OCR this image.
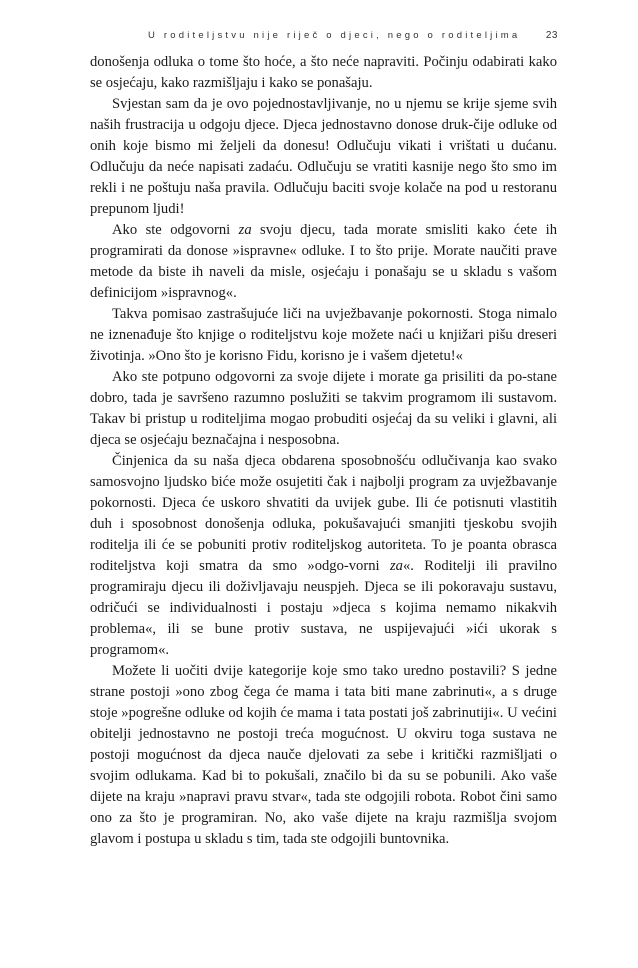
U roditeljstvu nije riječ o djeci, nego o roditeljima	23

donošenja odluka o tome što hoće, a što neće napraviti. Počinju odabirati kako se osjećaju, kako razmišljaju i kako se ponašaju.

Svjestan sam da je ovo pojednostavljivanje, no u njemu se krije sjeme svih naših frustracija u odgoju djece. Djeca jednostavno donose druk-čije odluke od onih koje bismo mi željeli da donesu! Odlučuju vikati i vrištati u dućanu. Odlučuju da neće napisati zadaću. Odlučuju se vratiti kasnije nego što smo im rekli i ne poštuju naša pravila. Odlučuju baciti svoje kolače na pod u restoranu prepunom ljudi!

Ako ste odgovorni za svoju djecu, tada morate smisliti kako ćete ih programirati da donose »ispravne« odluke. I to što prije. Morate naučiti prave metode da biste ih naveli da misle, osjećaju i ponašaju se u skladu s vašom definicijom »ispravnog«.

Takva pomisao zastrašujuće liči na uvježbavanje pokornosti. Stoga nimalo ne iznenađuje što knjige o roditeljstvu koje možete naći u knjižari pišu dreseri životinja. »Ono što je korisno Fidu, korisno je i vašem djetetu!«

Ako ste potpuno odgovorni za svoje dijete i morate ga prisiliti da po-stane dobro, tada je savršeno razumno poslužiti se takvim programom ili sustavom. Takav bi pristup u roditeljima mogao probuditi osjećaj da su veliki i glavni, ali djeca se osjećaju beznačajna i nesposobna.

Činjenica da su naša djeca obdarena sposobnošću odlučivanja kao svako samosvojno ljudsko biće može osujetiti čak i najbolji program za uvježbavanje pokornosti. Djeca će uskoro shvatiti da uvijek gube. Ili će potisnuti vlastitih duh i sposobnost donošenja odluka, pokušavajući smanjiti tjeskobu svojih roditelja ili će se pobuniti protiv roditeljskog autoriteta. To je poanta obrasca roditeljstva koji smatra da smo »odgo-vorni za«. Roditelji ili pravilno programiraju djecu ili doživljavaju neuspjeh. Djeca se ili pokoravaju sustavu, odričući se individualnosti i postaju »djeca s kojima nemamo nikakvih problema«, ili se bune protiv sustava, ne uspijevajući »ići ukorak s programom«.

Možete li uočiti dvije kategorije koje smo tako uredno postavili? S jedne strane postoji »ono zbog čega će mama i tata biti mane zabrinuti«, a s druge stoje »pogrešne odluke od kojih će mama i tata postati još zabrinutiji«. U većini obitelji jednostavno ne postoji treća mogućnost. U okviru toga sustava ne postoji mogućnost da djeca nauče djelovati za sebe i kritički razmišljati o svojim odlukama. Kad bi to pokušali, značilo bi da su se pobunili. Ako vaše dijete na kraju »napravi pravu stvar«, tada ste odgojili robota. Robot čini samo ono za što je programiran. No, ako vaše dijete na kraju razmišlja svojom glavom i postupa u skladu s tim, tada ste odgojili buntovnika.
